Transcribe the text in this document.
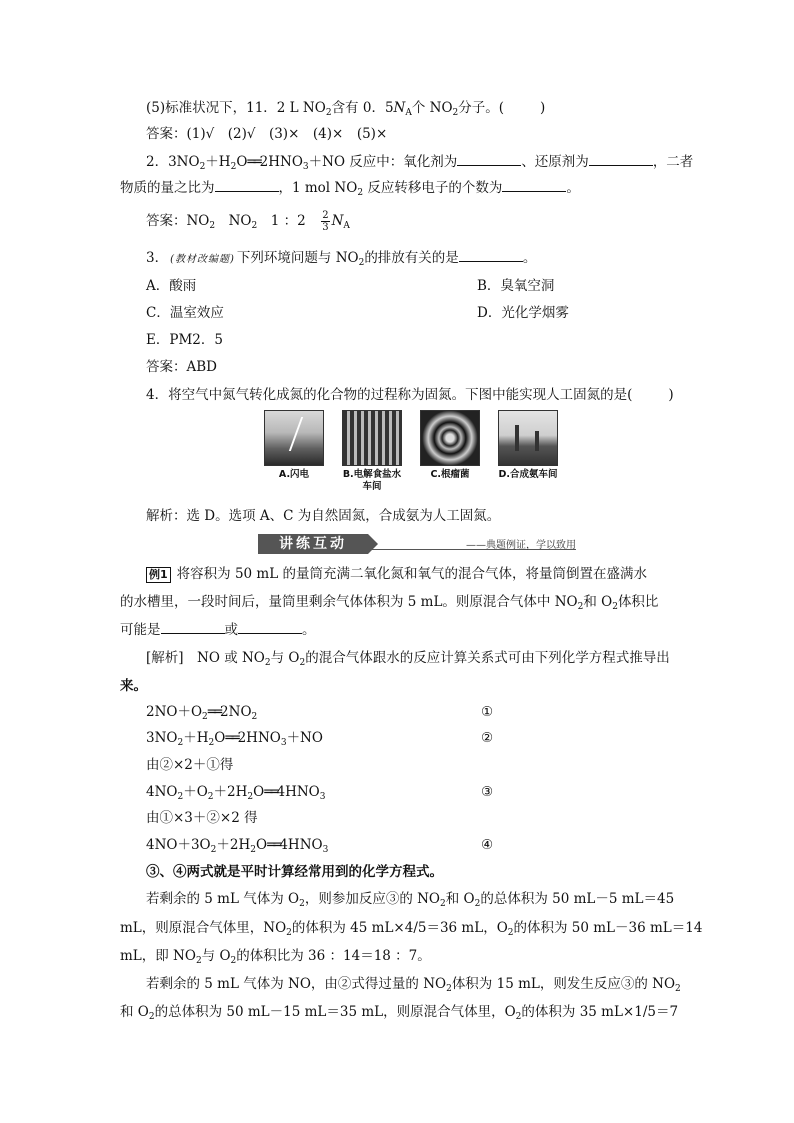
(5)标准状况下，11．2 L $NO_2$含有 0．$5N_A$个 $NO_2$分子。(	)
答案：(1)√　(2)√　(3)×　(4)×　(5)×
2．$3NO_2+H_2O══2HNO_3+NO$ 反应中：氧化剂为	、还原剂为	，二者
物质的量之比为	，1 mol $NO_2$ 反应转移电子的个数为	。
答案：$NO_2$　$NO_2$　1 ：2　 $\frac{2}{3} N_A$
3． (教材改编题) 下列环境问题与 $NO_2$的排放有关的是	。
A．酸雨	B．臭氧空洞
C．温室效应	D．光化学烟雾
E．PM2．5
答案：ABD
4．将空气中氮气转化成氮的化合物的过程称为固氮。下图中能实现人工固氮的是(	)
A.闪电	B.电解食盐水车间
C.根瘤菌	D.合成氨车间
解析：选 D。选项 A、C 为自然固氮，合成氨为人工固氮。
讲练互动	——典题例证，学以致用
例1 将容积为 50 mL 的量筒充满二氧化氮和氧气的混合气体，将量筒倒置在盛满水
的水槽里，一段时间后，量筒里剩余气体体积为 5 mL。则原混合气体中 $NO_2$和 $O_2$体积比
可能是	或	。
[解析]　NO 或 $NO_2$与 $O_2$的混合气体跟水的反应计算关系式可由下列化学方程式推导出
来。
$2NO+O_2══2NO_2$	①
$3NO_2+H_2O══2HNO_3+NO$	②
由②×2＋①得
$4NO_2+O_2+2H_2O══4HNO_3$	③
由①×3＋②×2 得
$4NO+3O_2+2H_2O══4HNO_3$	④
③、④两式就是平时计算经常用到的化学方程式。
若剩余的 5 mL 气体为 $O_2$，则参加反应③的 $NO_2$和 $O_2$的总体积为 50 mL－5 mL＝45
mL，则原混合气体里，$NO_2$的体积为 45 mL×4/5＝36 mL，$O_2$的体积为 50 mL－36 mL＝14
mL，即 $NO_2$与 $O_2$的体积比为 36 ：14＝18 ：7。
若剩余的 5 mL 气体为 NO，由②式得过量的 $NO_2$体积为 15 mL，则发生反应③的 $NO_2$
和 $O_2$的总体积为 50 mL－15 mL＝35 mL，则原混合气体里，$O_2$的体积为 35 mL×1/5＝7
